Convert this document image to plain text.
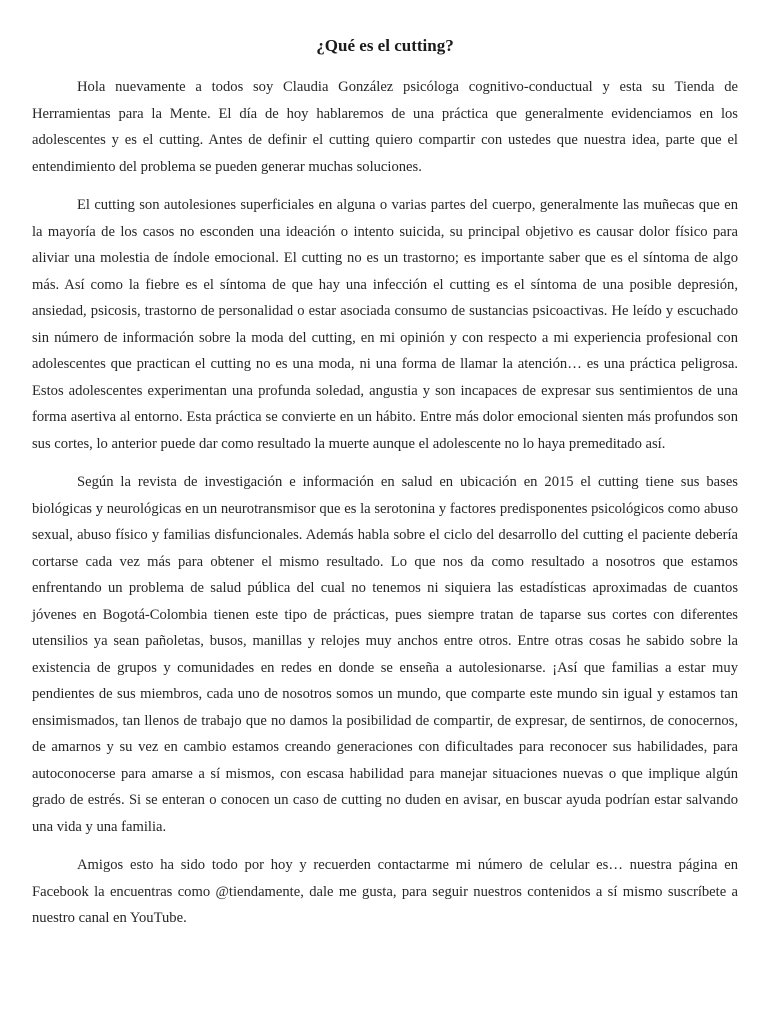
¿Qué es el cutting?

Hola nuevamente a todos soy Claudia González psicóloga cognitivo-conductual y esta su Tienda de Herramientas para la Mente. El día de hoy hablaremos de una práctica que generalmente evidenciamos en los adolescentes y es el cutting. Antes de definir el cutting quiero compartir con ustedes que nuestra idea, parte que el entendimiento del problema se pueden generar muchas soluciones.

El cutting son autolesiones superficiales en alguna o varias partes del cuerpo, generalmente las muñecas que en la mayoría de los casos no esconden una ideación o intento suicida, su principal objetivo es causar dolor físico para aliviar una molestia de índole emocional. El cutting no es un trastorno; es importante saber que es el síntoma de algo más. Así como la fiebre es el síntoma de que hay una infección el cutting es el síntoma de una posible depresión, ansiedad, psicosis, trastorno de personalidad o estar asociada consumo de sustancias psicoactivas. He leído y escuchado sin número de información sobre la moda del cutting, en mi opinión y con respecto a mi experiencia profesional con adolescentes que practican el cutting no es una moda, ni una forma de llamar la atención… es una práctica peligrosa. Estos adolescentes experimentan una profunda soledad, angustia y son incapaces de expresar sus sentimientos de una forma asertiva al entorno. Esta práctica se convierte en un hábito. Entre más dolor emocional sienten más profundos son sus cortes, lo anterior puede dar como resultado la muerte aunque el adolescente no lo haya premeditado así.

Según la revista de investigación e información en salud en ubicación en 2015 el cutting tiene sus bases biológicas y neurológicas en un neurotransmisor que es la serotonina y factores predisponentes psicológicos como abuso sexual, abuso físico y familias disfuncionales. Además habla sobre el ciclo del desarrollo del cutting el paciente debería cortarse cada vez más para obtener el mismo resultado. Lo que nos da como resultado a nosotros que estamos enfrentando un problema de salud pública del cual no tenemos ni siquiera las estadísticas aproximadas de cuantos jóvenes en Bogotá-Colombia tienen este tipo de prácticas, pues siempre tratan de taparse sus cortes con diferentes utensilios ya sean pañoletas, busos, manillas y relojes muy anchos entre otros. Entre otras cosas he sabido sobre la existencia de grupos y comunidades en redes en donde se enseña a autolesionarse. ¡Así que familias a estar muy pendientes de sus miembros, cada uno de nosotros somos un mundo, que comparte este mundo sin igual y estamos tan ensimismados, tan llenos de trabajo que no damos la posibilidad de compartir, de expresar, de sentirnos, de conocernos, de amarnos y su vez en cambio estamos creando generaciones con dificultades para reconocer sus habilidades, para autoconocerse para amarse a sí mismos, con escasa habilidad para manejar situaciones nuevas o que implique algún grado de estrés. Si se enteran o conocen un caso de cutting no duden en avisar, en buscar ayuda podrían estar salvando una vida y una familia.

Amigos esto ha sido todo por hoy y recuerden contactarme mi número de celular es… nuestra página en Facebook la encuentras como @tiendamente, dale me gusta, para seguir nuestros contenidos a sí mismo suscríbete a nuestro canal en YouTube.
